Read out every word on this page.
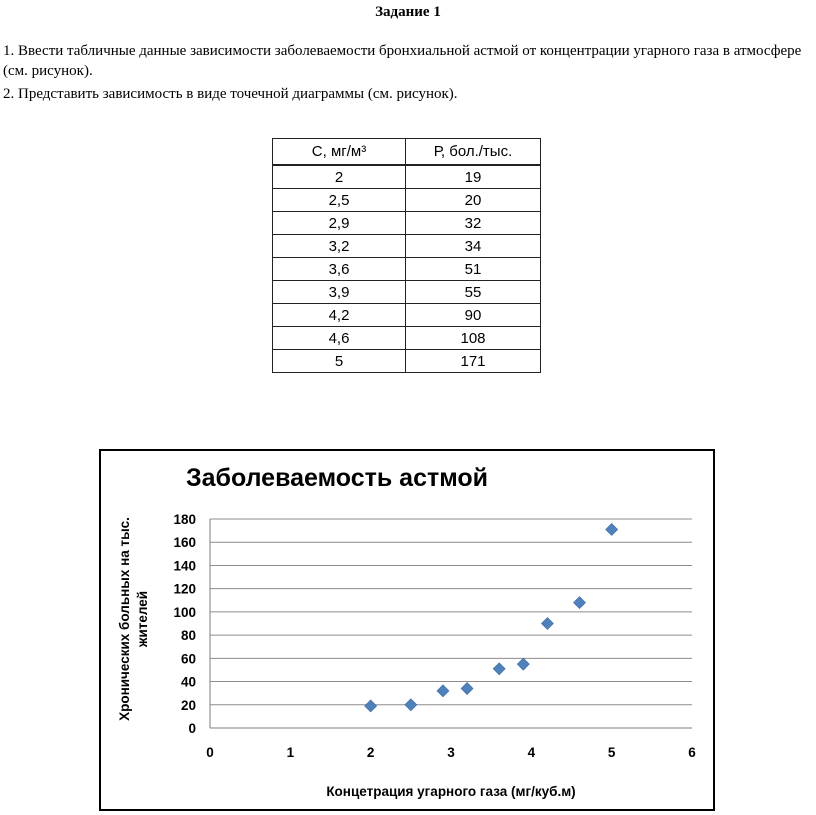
Задание 1
1. Ввести табличные данные зависимости заболеваемости бронхиальной астмой от концентрации угарного газа в атмосфере (см. рисунок).
2. Представить зависимость в виде точечной диаграммы (см. рисунок).
С, мг/м³	Р, бол./тыс.
2	19
2,5	20
2,9	32
3,2	34
3,6	51
3,9	55
4,2	90
4,6	108
5	171
0
20
40
60
80
100
120
140
160
180
0	1	2	3	4	5	6
Заболеваемость астмой
Концетрация угарного газа (мг/куб.м)
Хронических больных на тыс. жителей
